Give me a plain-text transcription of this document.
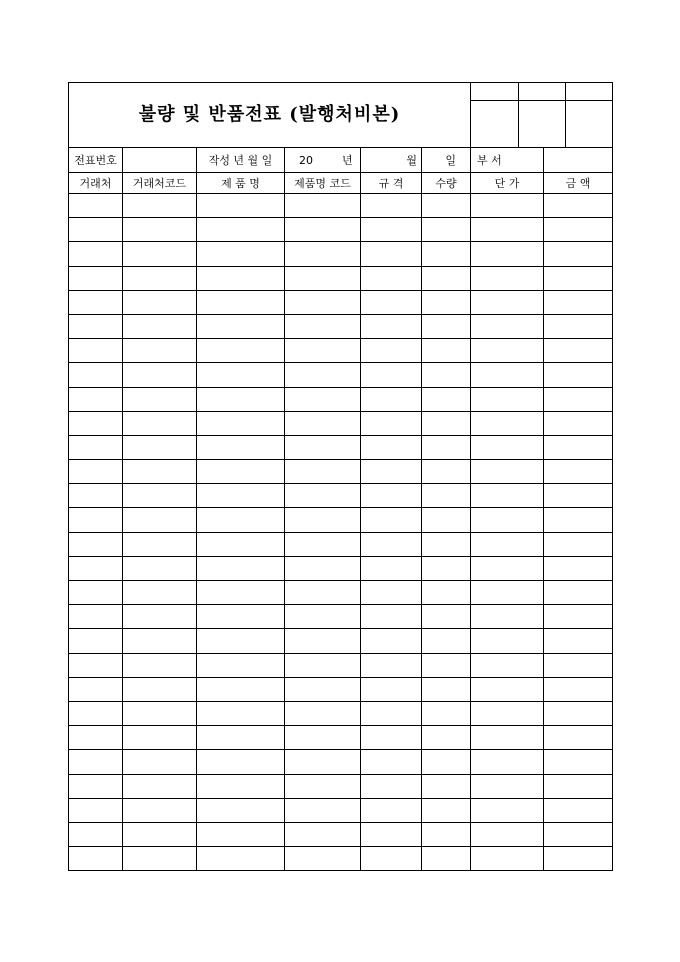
불량 및 반품전표 (발행처비본)	

전표번호		작성 년 월 일	20	년	월	일	부 서	
거래처	거래처코드	제 품 명	제품명 코드	규 격	수량	단 가	금 액
